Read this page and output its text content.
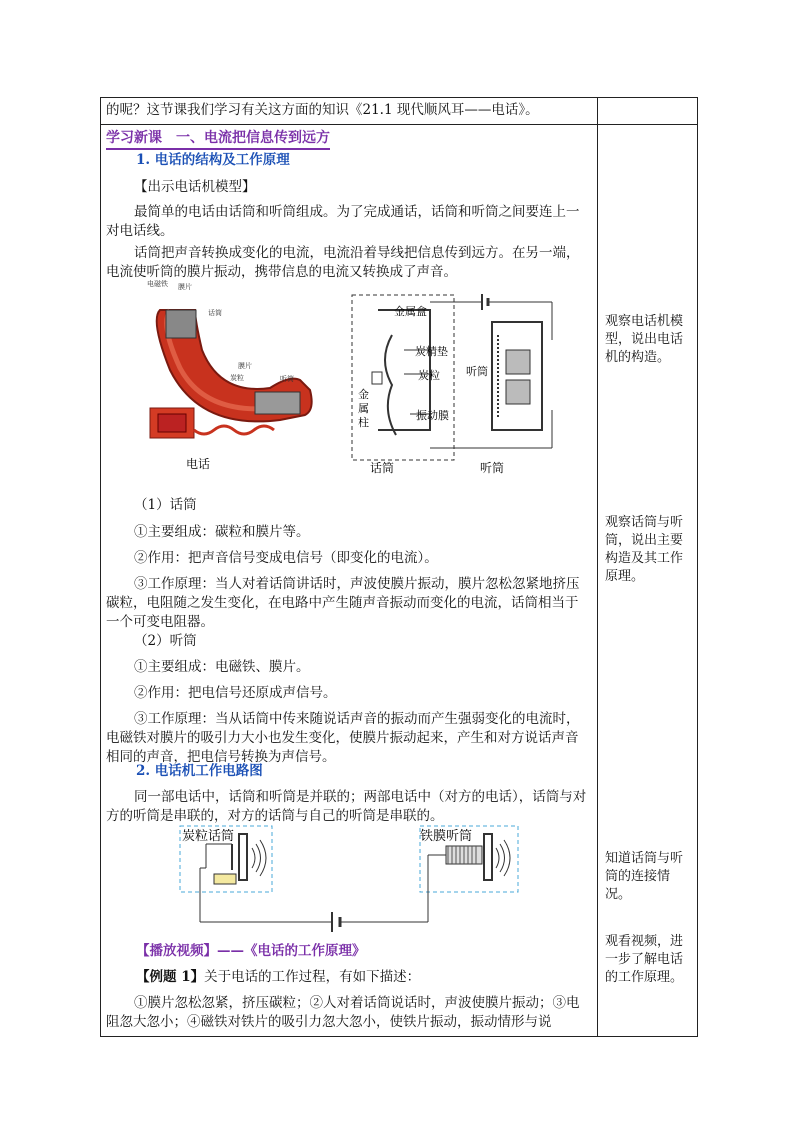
的呢？这节课我们学习有关这方面的知识《21.1 现代顺风耳——电话》。
学习新课　一、电流把信息传到远方
1. 电话的结构及工作原理
【出示电话机模型】
最简单的电话由话筒和听筒组成。为了完成通话，话筒和听筒之间要连上一对电话线。
话筒把声音转换成变化的电流，电流沿着导线把信息传到远方。在另一端，电流使听筒的膜片振动，携带信息的电流又转换成了声音。
电磁铁 膜片
话筒
膜片
炭粒	听筒
电话
金属盒
炭精垫
炭粒
振动膜
金
属
柱
话筒
听筒
听筒
（1）话筒
①主要组成：碳粒和膜片等。
②作用：把声音信号变成电信号（即变化的电流）。
③工作原理：当人对着话筒讲话时，声波使膜片振动，膜片忽松忽紧地挤压碳粒，电阻随之发生变化，在电路中产生随声音振动而变化的电流，话筒相当于一个可变电阻器。
（2）听筒
①主要组成：电磁铁、膜片。
②作用：把电信号还原成声信号。
③工作原理：当从话筒中传来随说话声音的振动而产生强弱变化的电流时，电磁铁对膜片的吸引力大小也发生变化，使膜片振动起来，产生和对方说话声音相同的声音，把电信号转换为声信号。
2. 电话机工作电路图
同一部电话中，话筒和听筒是并联的；两部电话中（对方的电话），话筒与对方的听筒是串联的，对方的话筒与自己的听筒是串联的。
炭粒话筒	铁膜听筒
【播放视频】——《电话的工作原理》
【例题 1】关于电话的工作过程，有如下描述：
①膜片忽松忽紧，挤压碳粒；②人对着话筒说话时，声波使膜片振动；③电阻忽大忽小；④磁铁对铁片的吸引力忽大忽小，使铁片振动，振动情形与说
观察电话机模型，说出电话机的构造。
观察话筒与听筒，说出主要构造及其工作原理。
知道话筒与听筒的连接情况。
观看视频，进一步了解电话的工作原理。
